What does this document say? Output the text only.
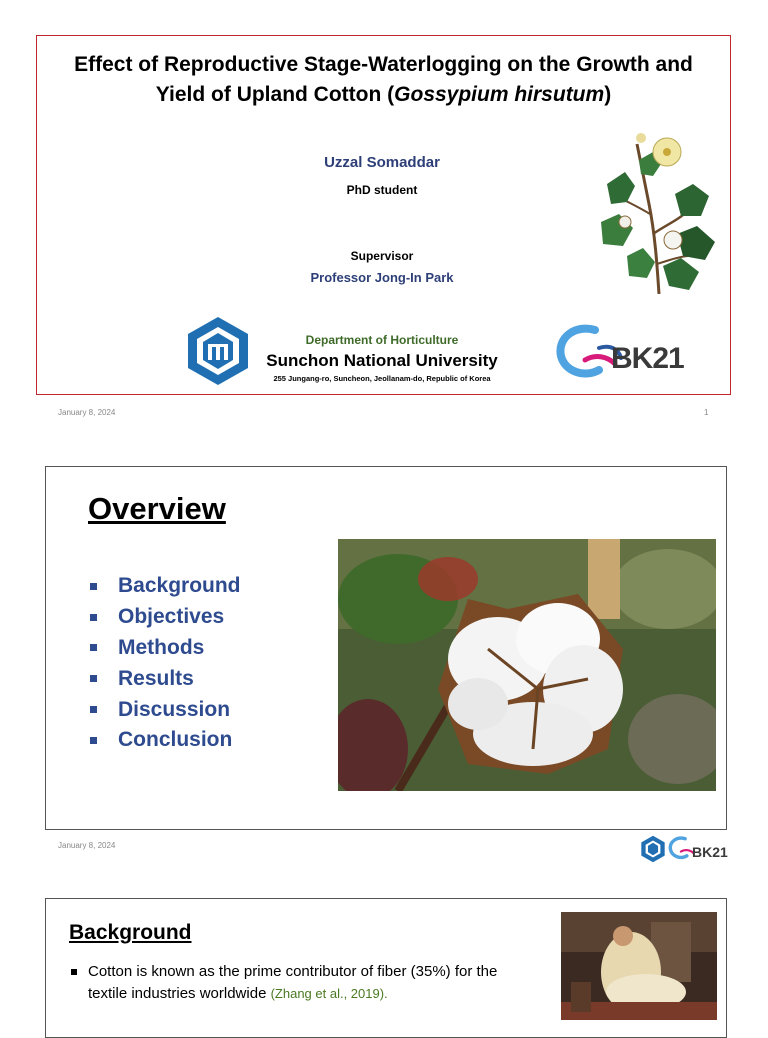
Effect of Reproductive Stage-Waterlogging on the Growth and
Yield of Upland Cotton (Gossypium hirsutum)
Uzzal Somaddar
PhD student
Supervisor
Professor Jong-In Park
Department of Horticulture
Sunchon National University
255 Jungang-ro, Suncheon, Jeollanam-do, Republic of Korea
BK21
January 8, 2024	1
Overview
Background
Objectives
Methods
Results
Discussion
Conclusion
January 8, 2024	BK21
Background
Cotton is known as the prime contributor of fiber (35%) for the textile industries worldwide (Zhang et al., 2019).
